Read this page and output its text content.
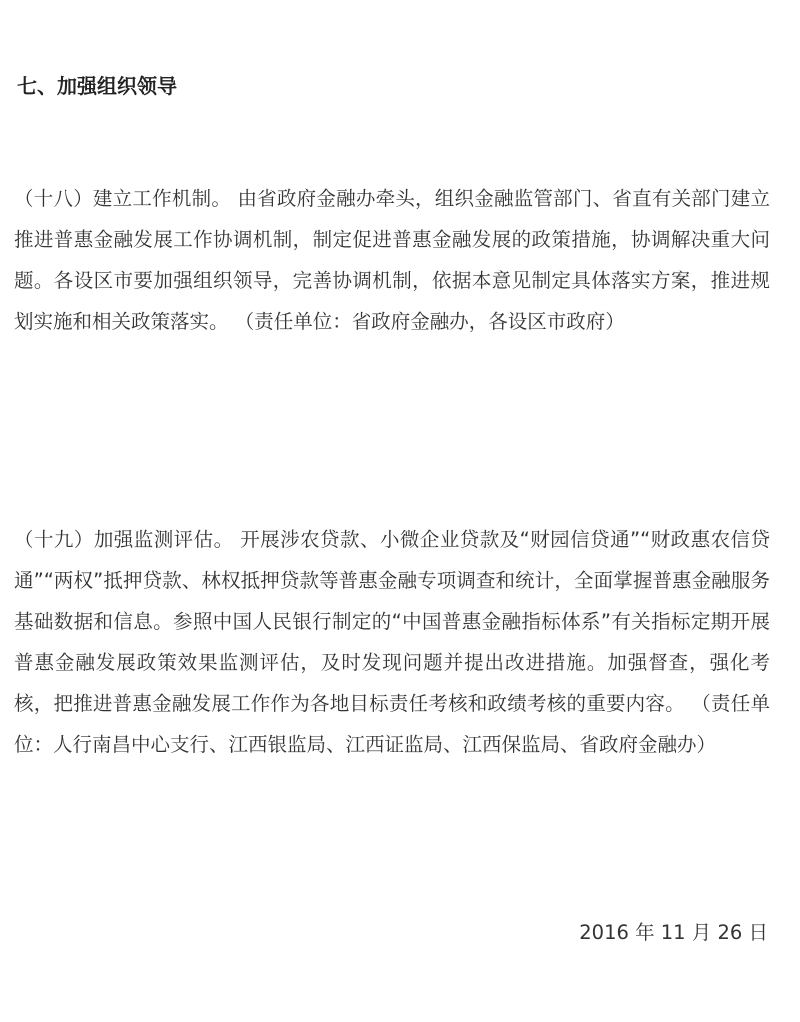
七、加强组织领导

（十八）建立工作机制。 由省政府金融办牵头，组织金融监管部门、省直有关部门建立推进普惠金融发展工作协调机制，制定促进普惠金融发展的政策措施，协调解决重大问题。各设区市要加强组织领导，完善协调机制，依据本意见制定具体落实方案，推进规划实施和相关政策落实。 （责任单位：省政府金融办，各设区市政府）

（十九）加强监测评估。 开展涉农贷款、小微企业贷款及“财园信贷通”“财政惠农信贷通”“两权”抵押贷款、林权抵押贷款等普惠金融专项调查和统计，全面掌握普惠金融服务基础数据和信息。参照中国人民银行制定的“中国普惠金融指标体系”有关指标定期开展普惠金融发展政策效果监测评估，及时发现问题并提出改进措施。加强督查，强化考核，把推进普惠金融发展工作作为各地目标责任考核和政绩考核的重要内容。 （责任单位：人行南昌中心支行、江西银监局、江西证监局、江西保监局、省政府金融办）

2016 年 11 月 26 日
